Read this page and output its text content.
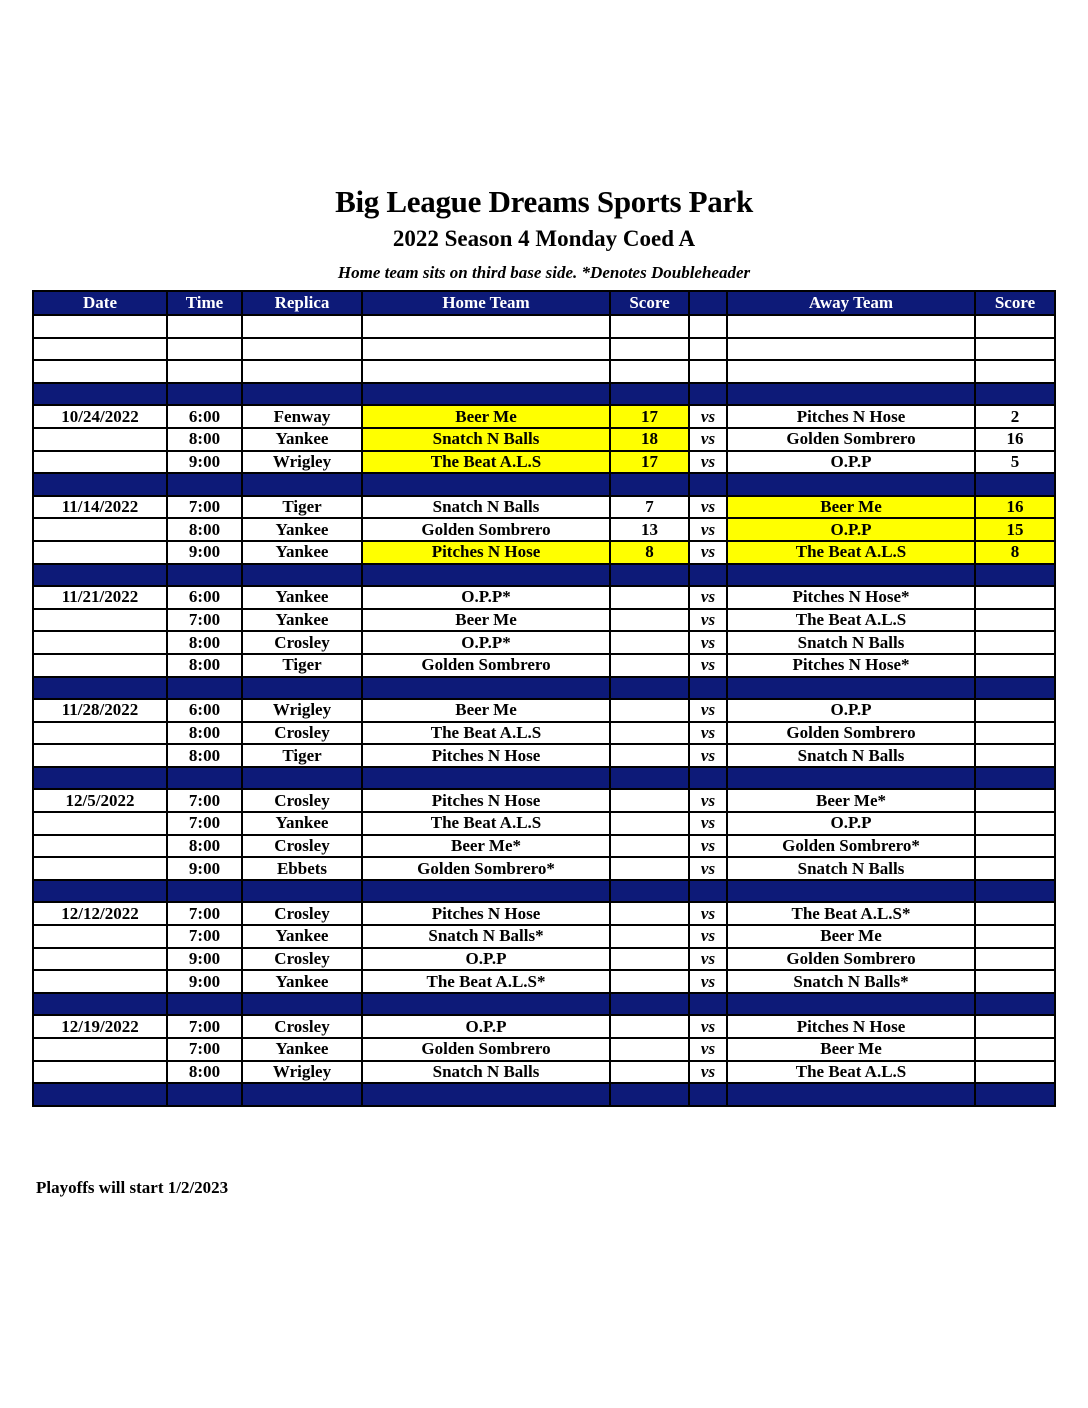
Big League Dreams Sports Park
2022 Season 4 Monday Coed A
Home team sits on third base side. *Denotes Doubleheader
Date	Time	Replica	Home Team	Score		Away Team	Score

10/24/2022	6:00	Fenway	Beer Me	17	vs	Pitches N Hose	2
	8:00	Yankee	Snatch N Balls	18	vs	Golden Sombrero	16
	9:00	Wrigley	The Beat A.L.S	17	vs	O.P.P	5

11/14/2022	7:00	Tiger	Snatch N Balls	7	vs	Beer Me	16
	8:00	Yankee	Golden Sombrero	13	vs	O.P.P	15
	9:00	Yankee	Pitches N Hose	8	vs	The Beat A.L.S	8

11/21/2022	6:00	Yankee	O.P.P*		vs	Pitches N Hose*	
	7:00	Yankee	Beer Me		vs	The Beat A.L.S	
	8:00	Crosley	O.P.P*		vs	Snatch N Balls	
	8:00	Tiger	Golden Sombrero		vs	Pitches N Hose*	

11/28/2022	6:00	Wrigley	Beer Me		vs	O.P.P	
	8:00	Crosley	The Beat A.L.S		vs	Golden Sombrero	
	8:00	Tiger	Pitches N Hose		vs	Snatch N Balls	

12/5/2022	7:00	Crosley	Pitches N Hose		vs	Beer Me*	
	7:00	Yankee	The Beat A.L.S		vs	O.P.P	
	8:00	Crosley	Beer Me*		vs	Golden Sombrero*	
	9:00	Ebbets	Golden Sombrero*		vs	Snatch N Balls	

12/12/2022	7:00	Crosley	Pitches N Hose		vs	The Beat A.L.S*	
	7:00	Yankee	Snatch N Balls*		vs	Beer Me	
	9:00	Crosley	O.P.P		vs	Golden Sombrero	
	9:00	Yankee	The Beat A.L.S*		vs	Snatch N Balls*	

12/19/2022	7:00	Crosley	O.P.P		vs	Pitches N Hose	
	7:00	Yankee	Golden Sombrero		vs	Beer Me	
	8:00	Wrigley	Snatch N Balls		vs	The Beat A.L.S	

Playoffs will start 1/2/2023
